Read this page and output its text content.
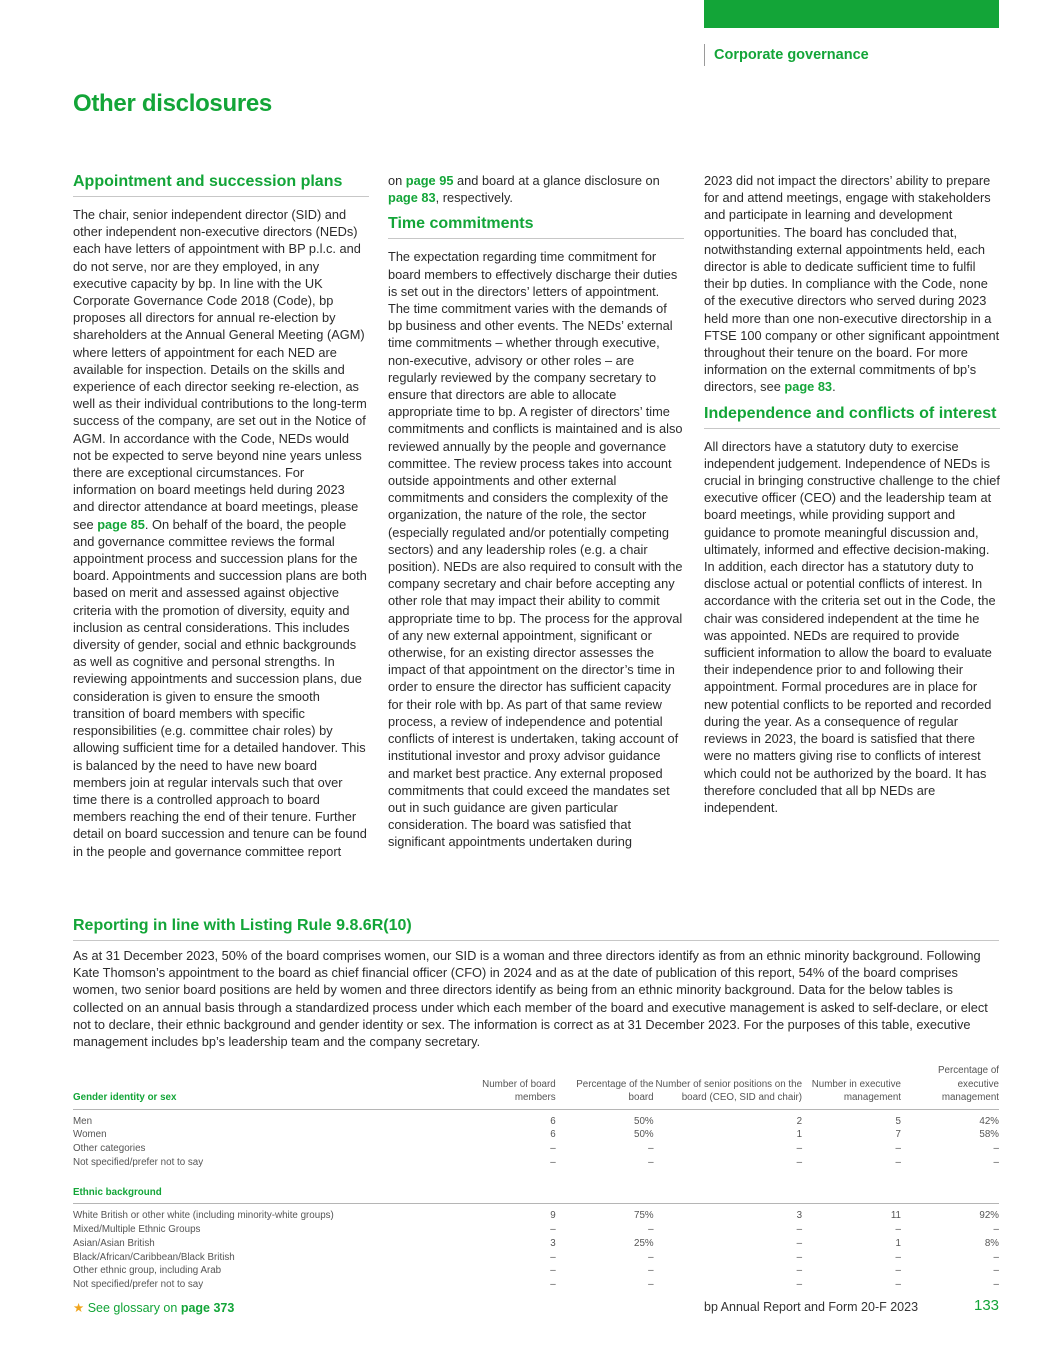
Corporate governance
Other disclosures
Appointment and succession plans

The chair, senior independent director (SID) and other independent non-executive directors (NEDs) each have letters of appointment with BP p.l.c. and do not serve, nor are they employed, in any executive capacity by bp. In line with the UK Corporate Governance Code 2018 (Code), bp proposes all directors for annual re-election by shareholders at the Annual General Meeting (AGM) where letters of appointment for each NED are available for inspection. Details on the skills and experience of each director seeking re-election, as well as their individual contributions to the long-term success of the company, are set out in the Notice of AGM. In accordance with the Code, NEDs would not be expected to serve beyond nine years unless there are exceptional circumstances. For information on board meetings held during 2023 and director attendance at board meetings, please see page 85. On behalf of the board, the people and governance committee reviews the formal appointment process and succession plans for the board. Appointments and succession plans are both based on merit and assessed against objective criteria with the promotion of diversity, equity and inclusion as central considerations. This includes diversity of gender, social and ethnic backgrounds as well as cognitive and personal strengths. In reviewing appointments and succession plans, due consideration is given to ensure the smooth transition of board members with specific responsibilities (e.g. committee chair roles) by allowing sufficient time for a detailed handover. This is balanced by the need to have new board members join at regular intervals such that over time there is a controlled approach to board members reaching the end of their tenure. Further detail on board succession and tenure can be found in the people and governance committee report

on page 95 and board at a glance disclosure on page 83, respectively.

Time commitments

The expectation regarding time commitment for board members to effectively discharge their duties is set out in the directors’ letters of appointment. The time commitment varies with the demands of bp business and other events. The NEDs’ external time commitments – whether through executive, non-executive, advisory or other roles – are regularly reviewed by the company secretary to ensure that directors are able to allocate appropriate time to bp. A register of directors’ time commitments and conflicts is maintained and is also reviewed annually by the people and governance committee. The review process takes into account outside appointments and other external commitments and considers the complexity of the organization, the nature of the role, the sector (especially regulated and/or potentially competing sectors) and any leadership roles (e.g. a chair position). NEDs are also required to consult with the company secretary and chair before accepting any other role that may impact their ability to commit appropriate time to bp. The process for the approval of any new external appointment, significant or otherwise, for an existing director assesses the impact of that appointment on the director’s time in order to ensure the director has sufficient capacity for their role with bp. As part of that same review process, a review of independence and potential conflicts of interest is undertaken, taking account of institutional investor and proxy advisor guidance and market best practice. Any external proposed commitments that could exceed the mandates set out in such guidance are given particular consideration. The board was satisfied that significant appointments undertaken during

2023 did not impact the directors’ ability to prepare for and attend meetings, engage with stakeholders and participate in learning and development opportunities. The board has concluded that, notwithstanding external appointments held, each director is able to dedicate sufficient time to fulfil their bp duties. In compliance with the Code, none of the executive directors who served during 2023 held more than one non-executive directorship in a FTSE 100 company or other significant appointment throughout their tenure on the board. For more information on the external commitments of bp’s directors, see page 83.

Independence and conflicts of interest

All directors have a statutory duty to exercise independent judgement. Independence of NEDs is crucial in bringing constructive challenge to the chief executive officer (CEO) and the leadership team at board meetings, while providing support and guidance to promote meaningful discussion and, ultimately, informed and effective decision-making. In addition, each director has a statutory duty to disclose actual or potential conflicts of interest. In accordance with the criteria set out in the Code, the chair was considered independent at the time he was appointed. NEDs are required to provide sufficient information to allow the board to evaluate their independence prior to and following their appointment. Formal procedures are in place for new potential conflicts to be reported and recorded during the year. As a consequence of regular reviews in 2023, the board is satisfied that there were no matters giving rise to conflicts of interest which could not be authorized by the board. It has therefore concluded that all bp NEDs are independent.

Reporting in line with Listing Rule 9.8.6R(10)

As at 31 December 2023, 50% of the board comprises women, our SID is a woman and three directors identify as from an ethnic minority background. Following Kate Thomson’s appointment to the board as chief financial officer (CFO) in 2024 and as at the date of publication of this report, 54% of the board comprises women, two senior board positions are held by women and three directors identify as being from an ethnic minority background. Data for the below tables is collected on an annual basis through a standardized process under which each member of the board and executive management is asked to self-declare, or elect not to declare, their ethnic background and gender identity or sex. The information is correct as at 31 December 2023. For the purposes of this table, executive management includes bp’s leadership team and the company secretary.

Gender identity or sex	Number of board members	Percentage of the board	Number of senior positions on the board (CEO, SID and chair)	Number in executive management	Percentage of executive management
Men	6	50%	2	5	42%
Women	6	50%	1	7	58%
Other categories	–	–	–	–	–
Not specified/prefer not to say	–	–	–	–	–

Ethnic background					
White British or other white (including minority-white groups)	9	75%	3	11	92%
Mixed/Multiple Ethnic Groups	–	–	–	–	–
Asian/Asian British	3	25%	–	1	8%
Black/African/Caribbean/Black British	–	–	–	–	–
Other ethnic group, including Arab	–	–	–	–	–
Not specified/prefer not to say	–	–	–	–	–
★ See glossary on page 373	bp Annual Report and Form 20-F 2023	133
